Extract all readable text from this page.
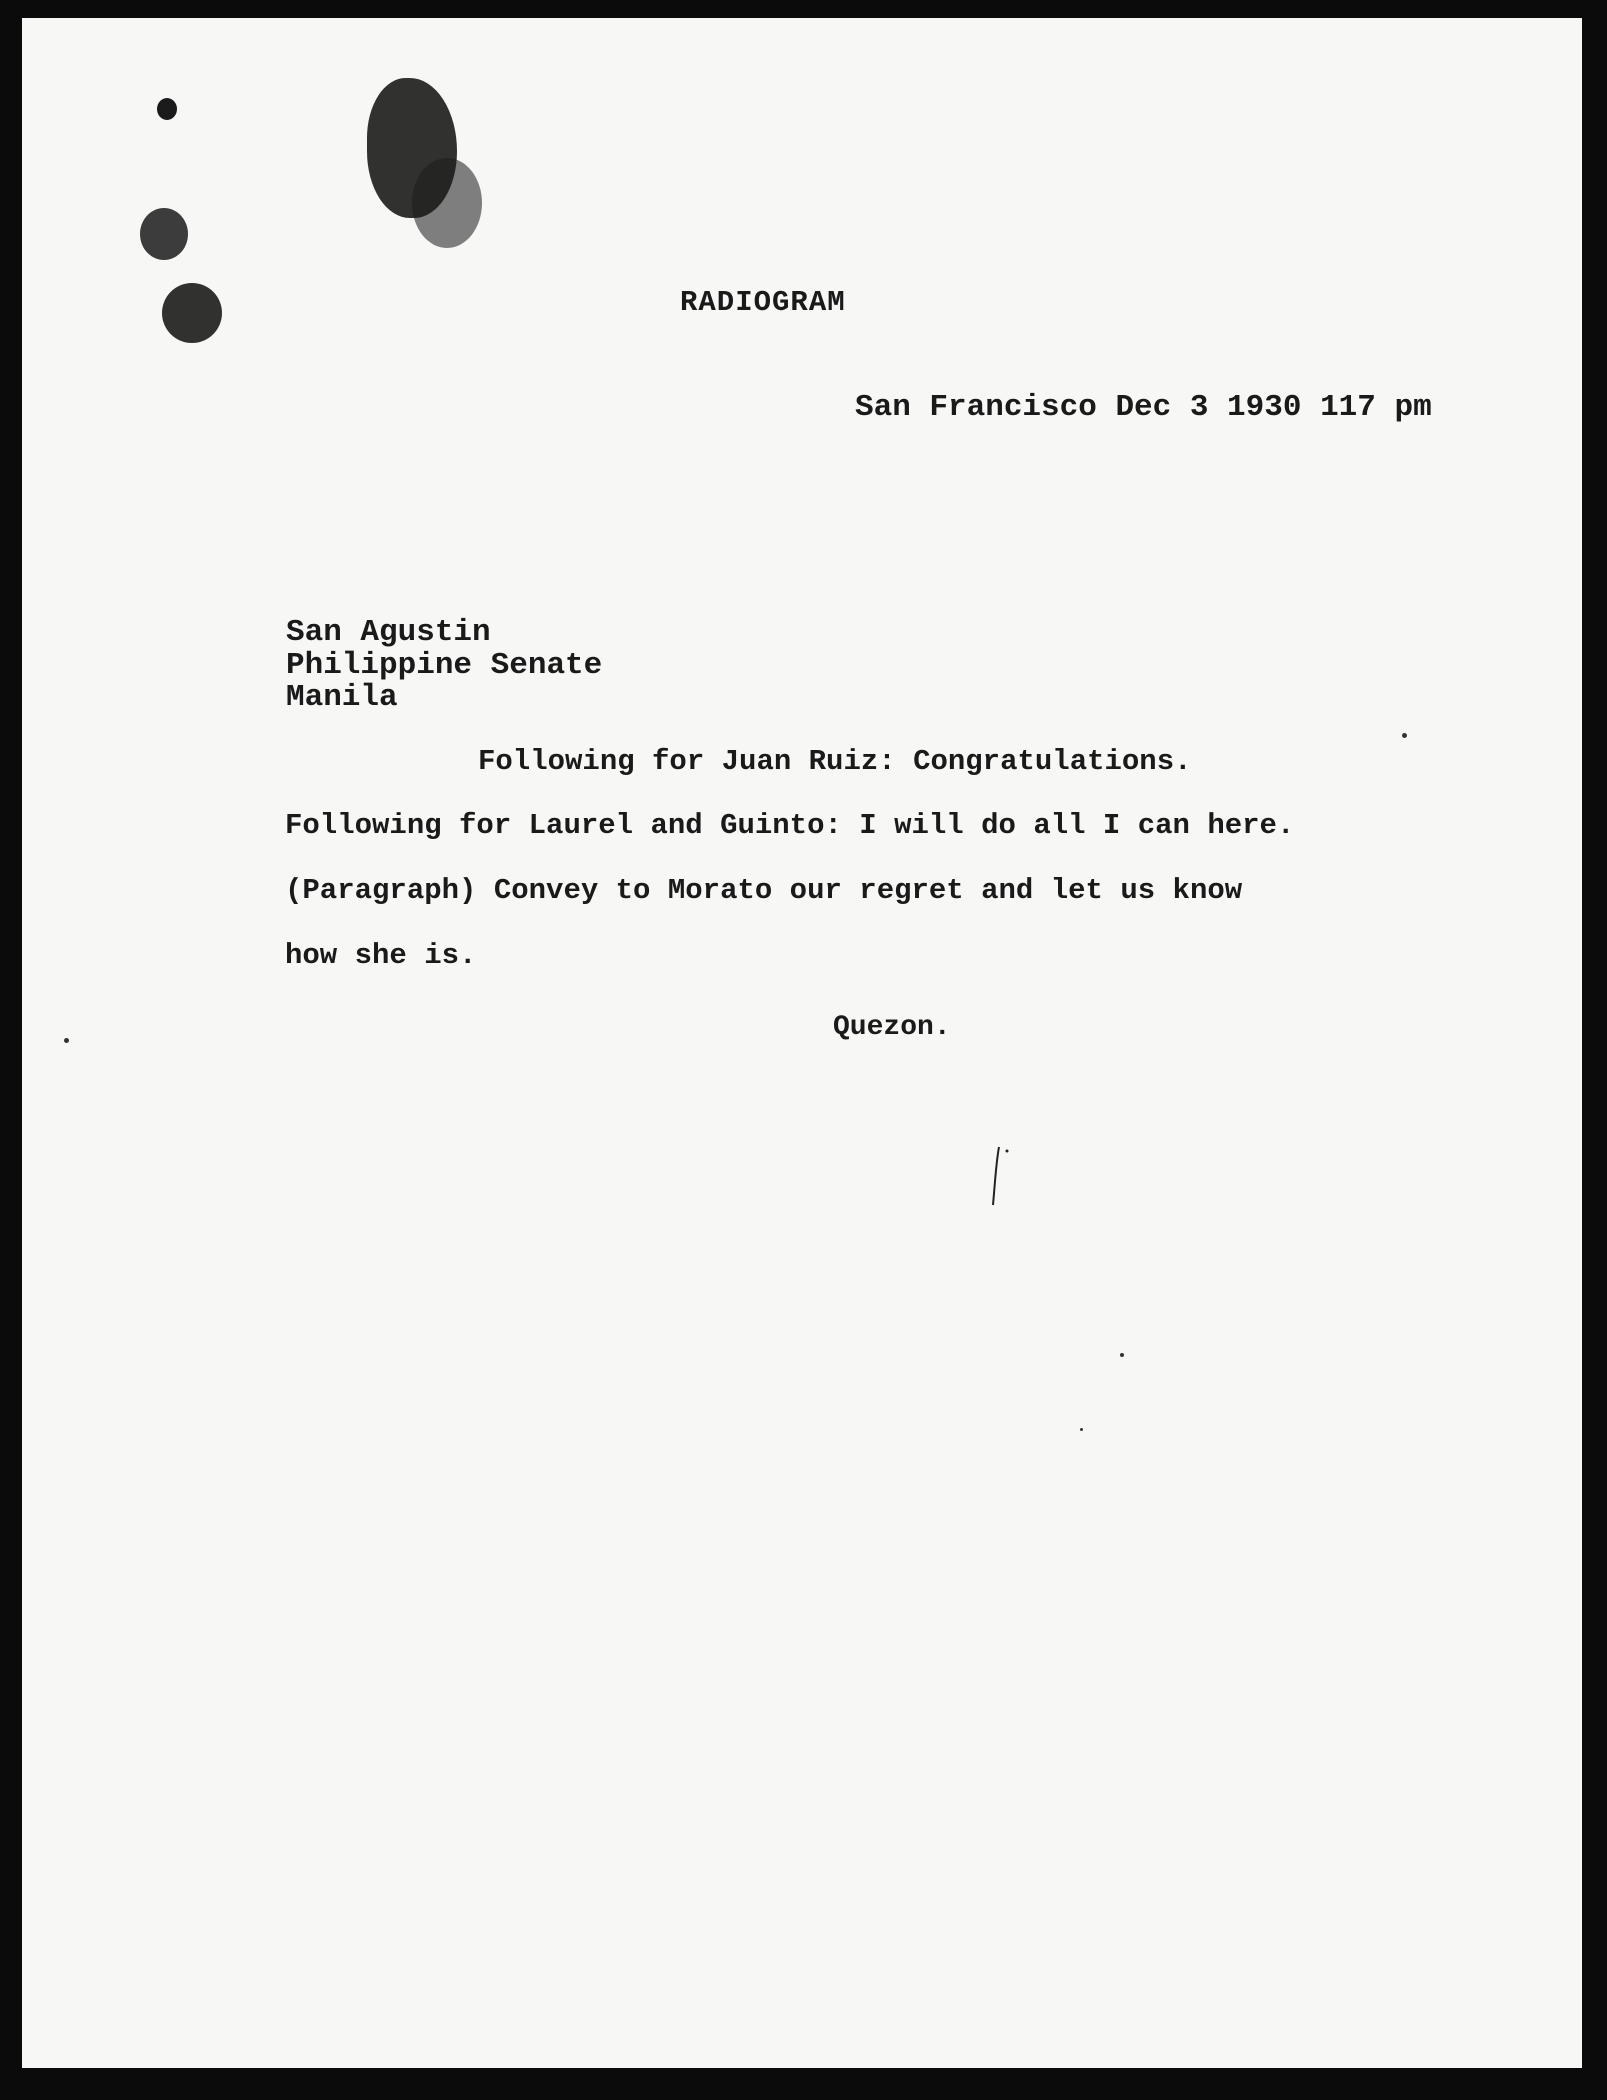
RADIOGRAM
San Francisco Dec 3 1930 117 pm
San Agustin
Philippine Senate
Manila
Following for Juan Ruiz: Congratulations.
Following for Laurel and Guinto: I will do all I can here.
(Paragraph) Convey to Morato our regret and let us know
how she is.
Quezon.
